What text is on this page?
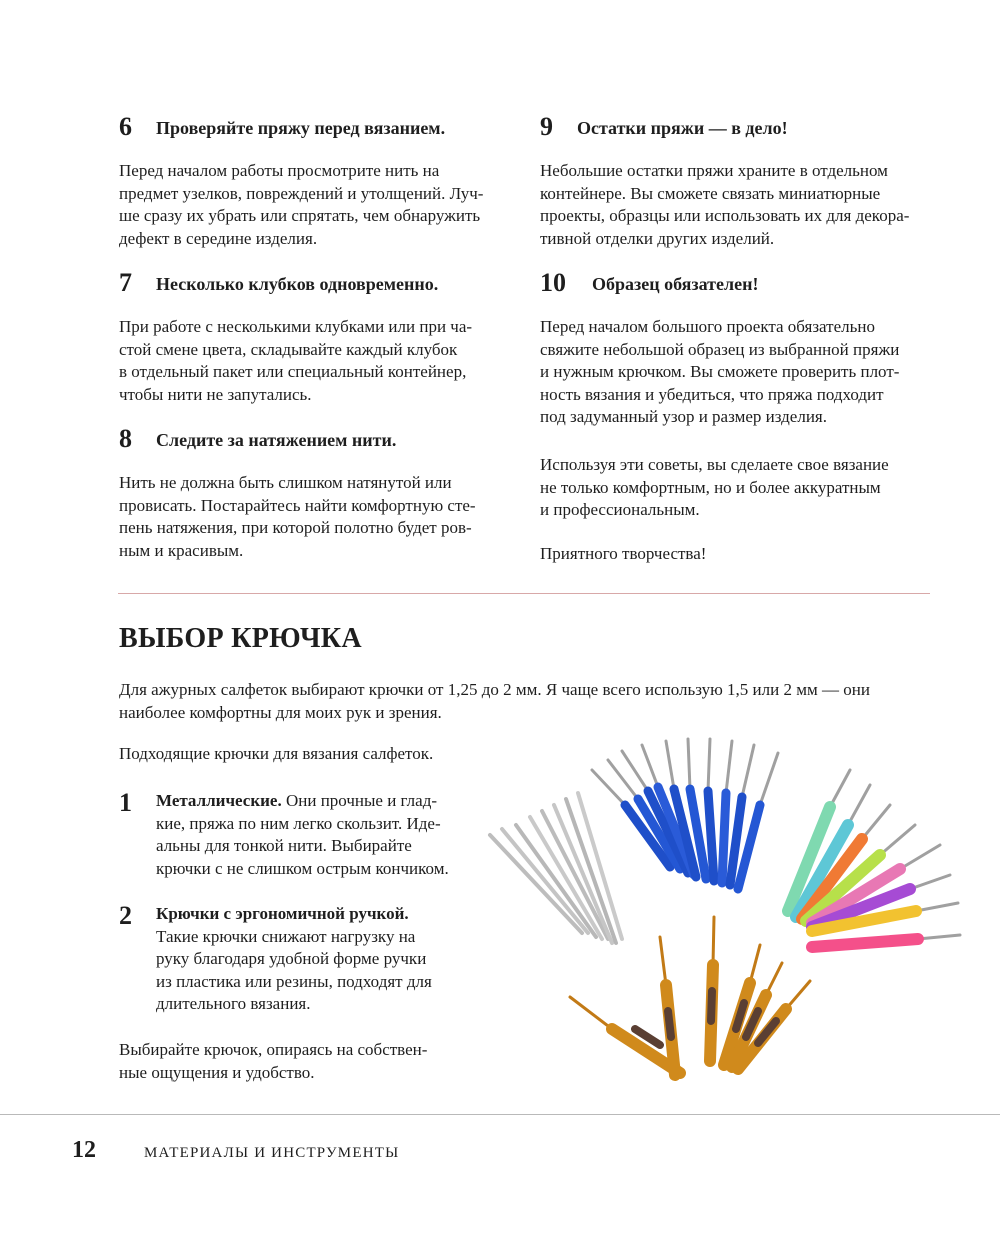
6 Проверяйте пряжу перед вязанием.

Перед началом работы просмотрите нить на
предмет узелков, повреждений и утолщений. Луч-
ше сразу их убрать или спрятать, чем обнаружить
дефект в середине изделия.

7 Несколько клубков одновременно.

При работе с несколькими клубками или при ча-
стой смене цвета, складывайте каждый клубок
в отдельный пакет или специальный контейнер,
чтобы нити не запутались.

8 Следите за натяжением нити.

Нить не должна быть слишком натянутой или
провисать. Постарайтесь найти комфортную сте-
пень натяжения, при которой полотно будет ров-
ным и красивым.

9 Остатки пряжи — в дело!

Небольшие остатки пряжи храните в отдельном
контейнере. Вы сможете связать миниатюрные
проекты, образцы или использовать их для декора-
тивной отделки других изделий.

10 Образец обязателен!

Перед началом большого проекта обязательно
свяжите небольшой образец из выбранной пряжи
и нужным крючком. Вы сможете проверить плот-
ность вязания и убедиться, что пряжа подходит
под задуманный узор и размер изделия.

Используя эти советы, вы сделаете свое вязание
не только комфортным, но и более аккуратным
и профессиональным.

Приятного творчества!

ВЫБОР КРЮЧКА

Для ажурных салфеток выбирают крючки от 1,25 до 2 мм. Я чаще всего использую 1,5 или 2 мм — они
наиболее комфортны для моих рук и зрения.

Подходящие крючки для вязания салфеток.

1 Металлические. Они прочные и глад-
кие, пряжа по ним легко скользит. Иде-
альны для тонкой нити. Выбирайте
крючки с не слишком острым кончиком.

2 Крючки с эргономичной ручкой.
Такие крючки снижают нагрузку на
руку благодаря удобной форме ручки
из пластика или резины, подходят для
длительного вязания.

Выбирайте крючок, опираясь на собствен-
ные ощущения и удобство.

12	МАТЕРИАЛЫ И ИНСТРУМЕНТЫ
